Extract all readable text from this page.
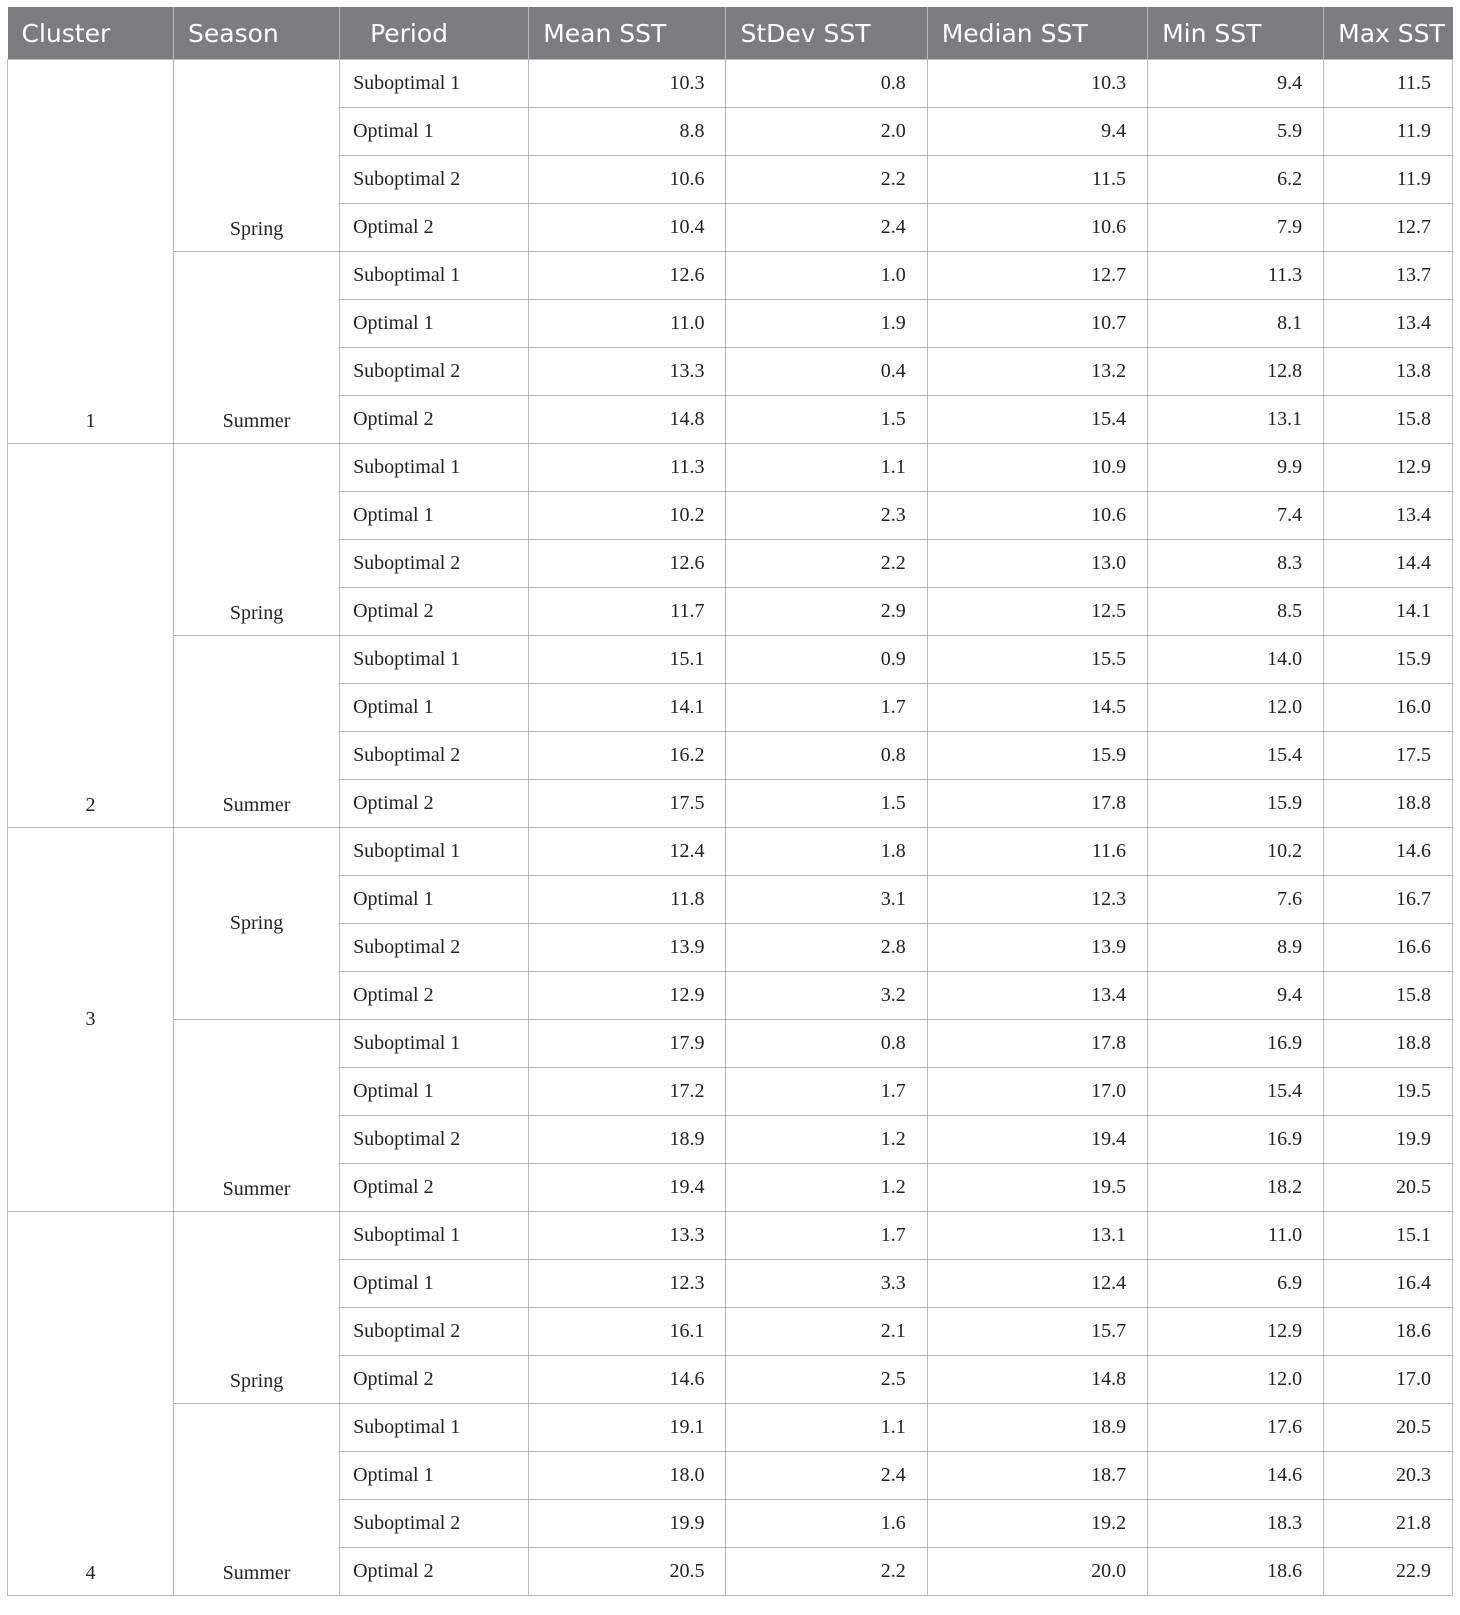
Cluster	Season	Period	Mean SST	StDev SST	Median SST	Min SST	Max SST
1	Spring	Suboptimal 1	10.3	0.8	10.3	9.4	11.5
		Optimal 1	8.8	2.0	9.4	5.9	11.9
		Suboptimal 2	10.6	2.2	11.5	6.2	11.9
		Optimal 2	10.4	2.4	10.6	7.9	12.7
	Summer	Suboptimal 1	12.6	1.0	12.7	11.3	13.7
		Optimal 1	11.0	1.9	10.7	8.1	13.4
		Suboptimal 2	13.3	0.4	13.2	12.8	13.8
		Optimal 2	14.8	1.5	15.4	13.1	15.8
2	Spring	Suboptimal 1	11.3	1.1	10.9	9.9	12.9
		Optimal 1	10.2	2.3	10.6	7.4	13.4
		Suboptimal 2	12.6	2.2	13.0	8.3	14.4
		Optimal 2	11.7	2.9	12.5	8.5	14.1
	Summer	Suboptimal 1	15.1	0.9	15.5	14.0	15.9
		Optimal 1	14.1	1.7	14.5	12.0	16.0
		Suboptimal 2	16.2	0.8	15.9	15.4	17.5
		Optimal 2	17.5	1.5	17.8	15.9	18.8
3	Spring	Suboptimal 1	12.4	1.8	11.6	10.2	14.6
		Optimal 1	11.8	3.1	12.3	7.6	16.7
		Suboptimal 2	13.9	2.8	13.9	8.9	16.6
		Optimal 2	12.9	3.2	13.4	9.4	15.8
	Summer	Suboptimal 1	17.9	0.8	17.8	16.9	18.8
		Optimal 1	17.2	1.7	17.0	15.4	19.5
		Suboptimal 2	18.9	1.2	19.4	16.9	19.9
		Optimal 2	19.4	1.2	19.5	18.2	20.5
4	Spring	Suboptimal 1	13.3	1.7	13.1	11.0	15.1
		Optimal 1	12.3	3.3	12.4	6.9	16.4
		Suboptimal 2	16.1	2.1	15.7	12.9	18.6
		Optimal 2	14.6	2.5	14.8	12.0	17.0
	Summer	Suboptimal 1	19.1	1.1	18.9	17.6	20.5
		Optimal 1	18.0	2.4	18.7	14.6	20.3
		Suboptimal 2	19.9	1.6	19.2	18.3	21.8
		Optimal 2	20.5	2.2	20.0	18.6	22.9
